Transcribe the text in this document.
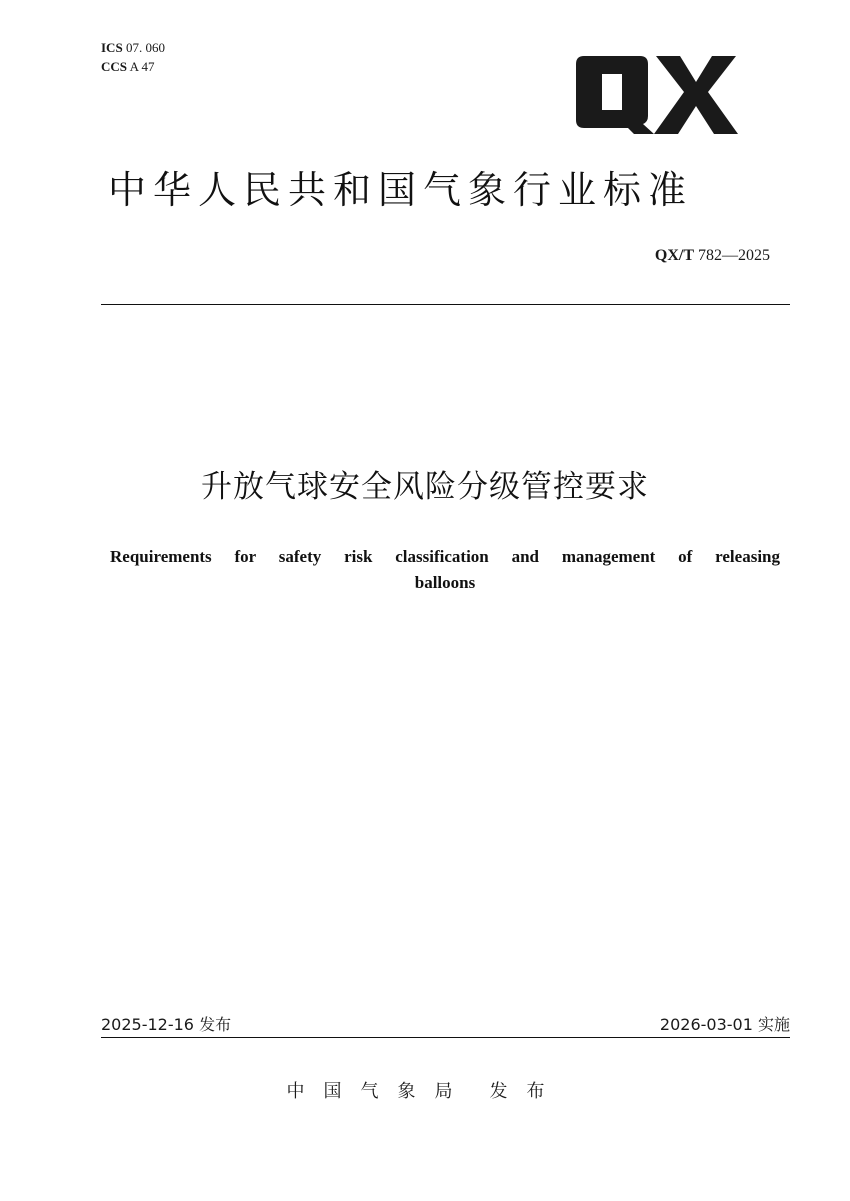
ICS 07. 060
CCS A 47
中华人民共和国气象行业标准
QX/T 782—2025
升放气球安全风险分级管控要求
Requirements for safety risk classification and management of releasing
balloons
2025-12-16 发布	2026-03-01 实施
中国气象局 发布
